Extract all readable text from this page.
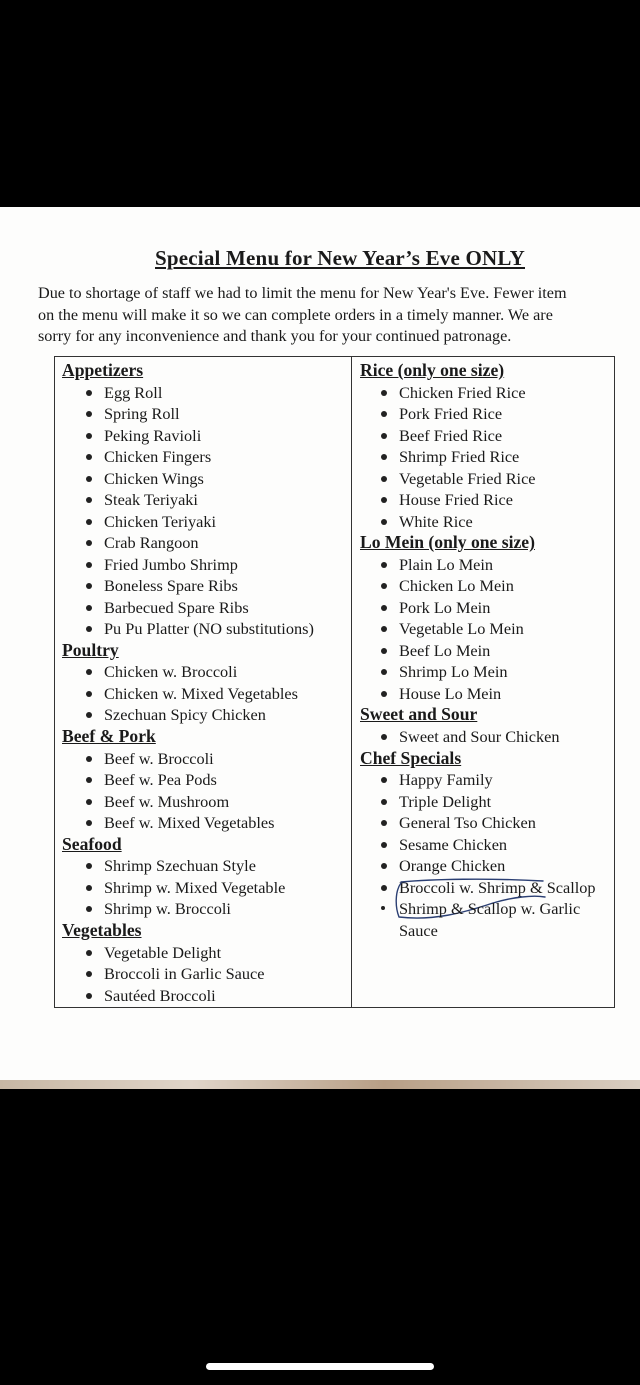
Special Menu for New Year’s Eve ONLY
Due to shortage of staff we had to limit the menu for New Year's Eve. Fewer item
on the menu will make it so we can complete orders in a timely manner. We are
sorry for any inconvenience and thank you for your continued patronage.
Appetizers
Egg Roll
Spring Roll
Peking Ravioli
Chicken Fingers
Chicken Wings
Steak Teriyaki
Chicken Teriyaki
Crab Rangoon
Fried Jumbo Shrimp
Boneless Spare Ribs
Barbecued Spare Ribs
Pu Pu Platter (NO substitutions)
Poultry
Chicken w. Broccoli
Chicken w. Mixed Vegetables
Szechuan Spicy Chicken
Beef & Pork
Beef w. Broccoli
Beef w. Pea Pods
Beef w. Mushroom
Beef w. Mixed Vegetables
Seafood
Shrimp Szechuan Style
Shrimp w. Mixed Vegetable
Shrimp w. Broccoli
Vegetables
Vegetable Delight
Broccoli in Garlic Sauce
Sautéed Broccoli
Rice (only one size)
Chicken Fried Rice
Pork Fried Rice
Beef Fried Rice
Shrimp Fried Rice
Vegetable Fried Rice
House Fried Rice
White Rice
Lo Mein (only one size)
Plain Lo Mein
Chicken Lo Mein
Pork Lo Mein
Vegetable Lo Mein
Beef Lo Mein
Shrimp Lo Mein
House Lo Mein
Sweet and Sour
Sweet and Sour Chicken
Chef Specials
Happy Family
Triple Delight
General Tso Chicken
Sesame Chicken
Orange Chicken
Broccoli w. Shrimp & Scallop
Shrimp & Scallop w. Garlic Sauce
